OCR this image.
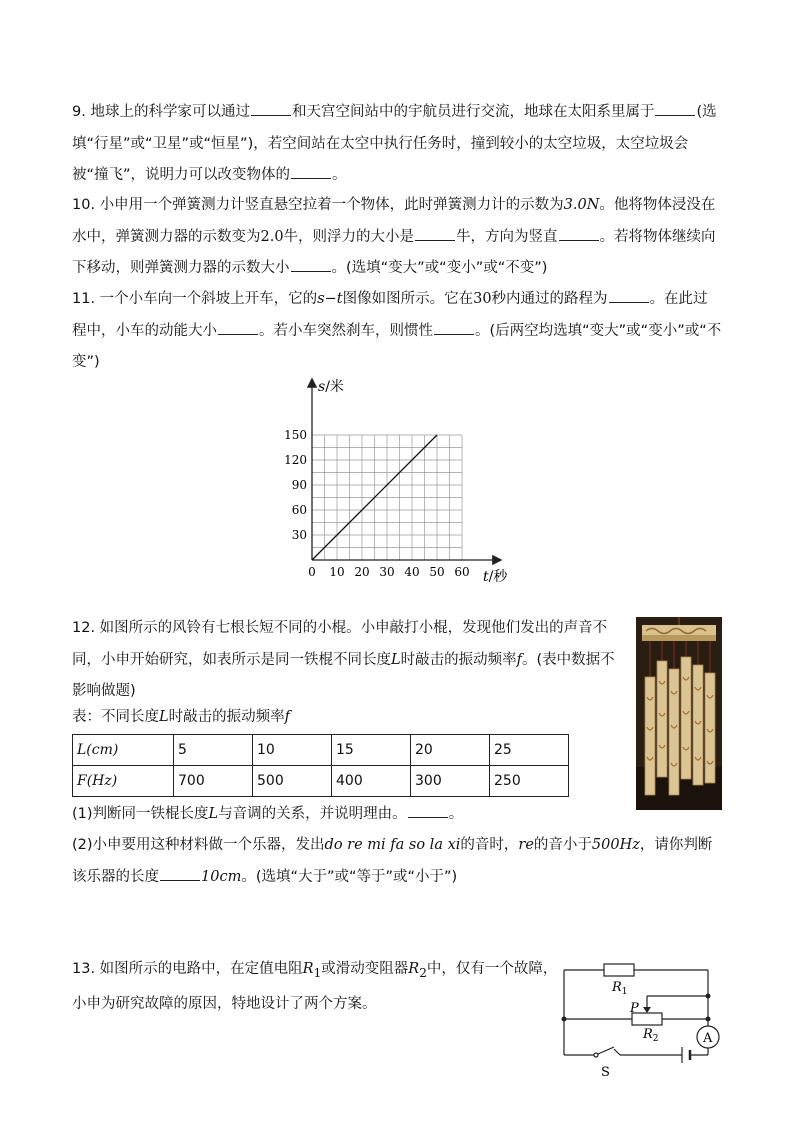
9. 地球上的科学家可以通过	和天宫空间站中的宇航员进行交流，地球在太阳系里属于	(选填“行星”或“卫星”或“恒星”)，若空间站在太空中执行任务时，撞到较小的太空垃圾，太空垃圾会被“撞飞”，说明力可以改变物体的	。
10. 小申用一个弹簧测力计竖直悬空拉着一个物体，此时弹簧测力计的示数为3.0N。他将物体浸没在水中，弹簧测力器的示数变为2.0牛，则浮力的大小是	牛，方向为竖直	。若将物体继续向下移动，则弹簧测力器的示数大小	。(选填“变大”或“变小”或“不变”)
11. 一个小车向一个斜坡上开车，它的s−t图像如图所示。它在30秒内通过的路程为	。在此过程中，小车的动能大小	。若小车突然刹车，则惯性	。(后两空均选填“变大”或“变小”或“不变”)
0 10 20 30 40 50 60
30
60
90
120
150
s/米
t/秒
12. 如图所示的风铃有七根长短不同的小棍。小申敲打小棍，发现他们发出的声音不同，小申开始研究，如表所示是同一铁棍不同长度L时敲击的振动频率f。(表中数据不影响做题)
表：不同长度L时敲击的振动频率f
L(cm)	5	10	15	20	25
F(Hz)	700	500	400	300	250
(1)判断同一铁棍长度L与音调的关系，并说明理由。	。
(2)小申要用这种材料做一个乐器，发出do re mi fa so la xi的音时，re的音小于500Hz，请你判断该乐器的长度	10cm。(选填“大于”或“等于”或“小于”)
13. 如图所示的电路中，在定值电阻$R_1$或滑动变阻器$R_2$中，仅有一个故障，小申为研究故障的原因，特地设计了两个方案。
$R_1$
P
$R_2$	A
S
